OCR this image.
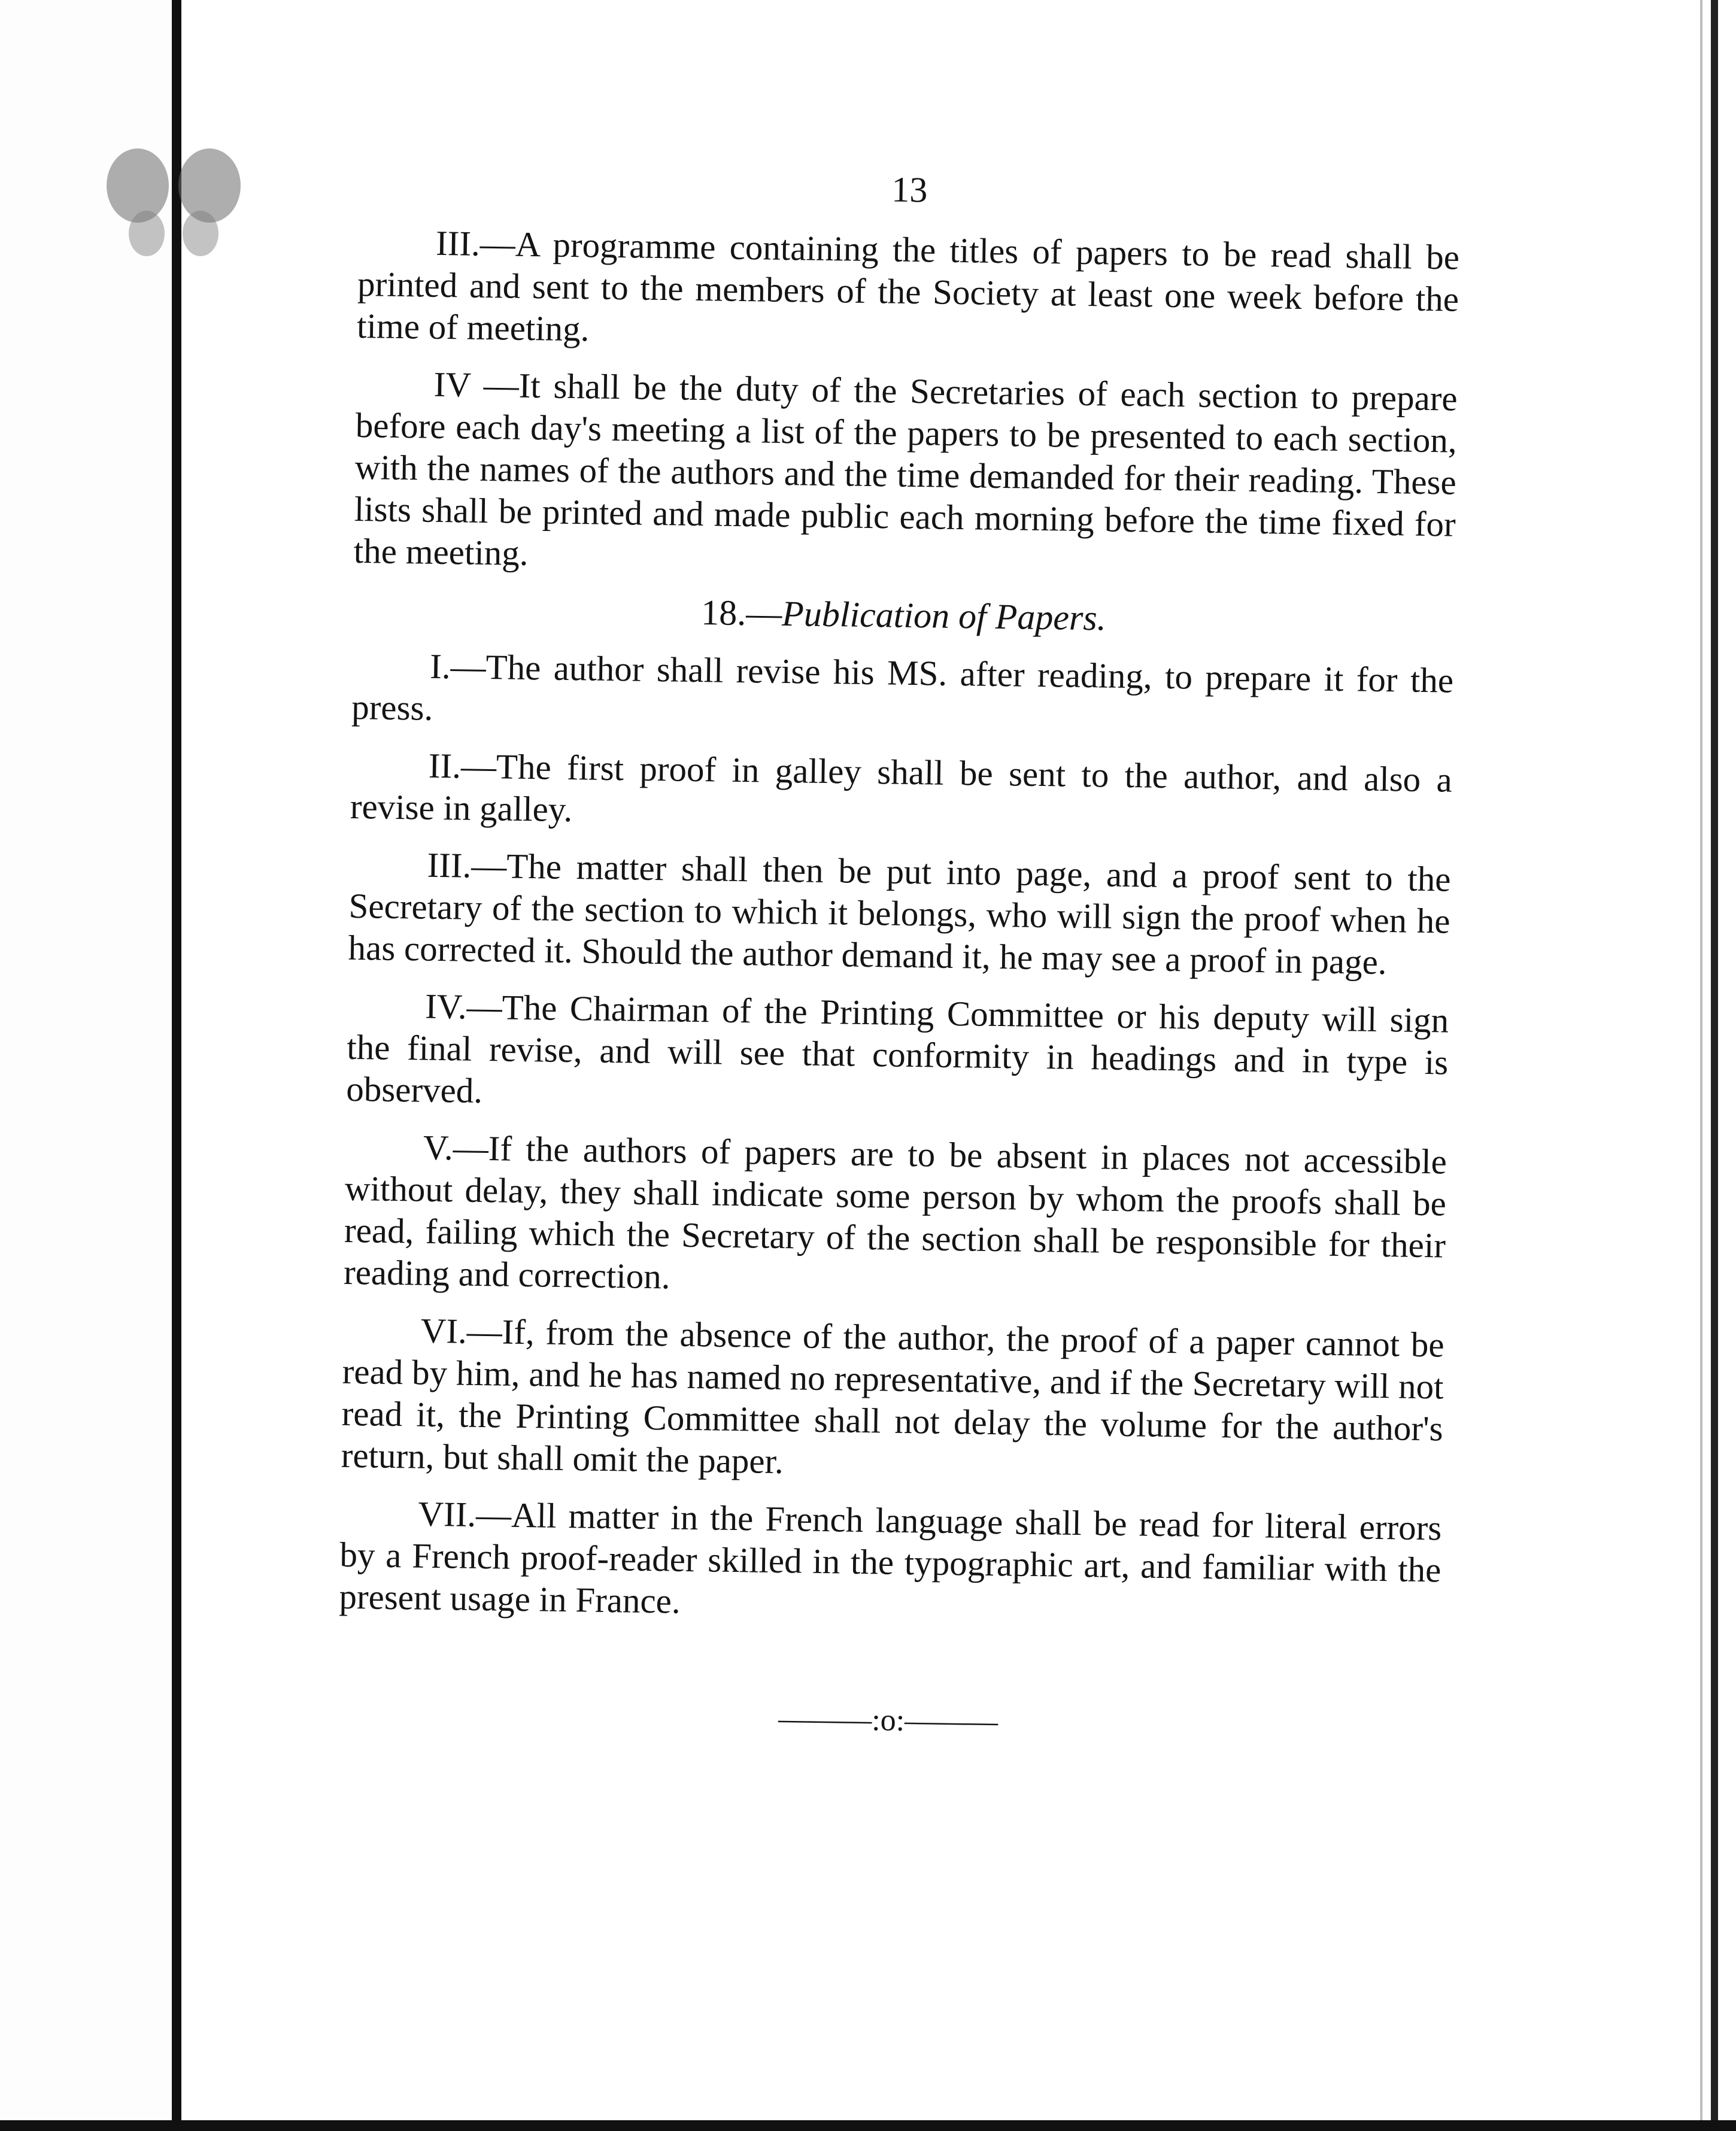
13

III.—A programme containing the titles of papers to be read shall be printed and sent to the members of the Society at least one week before the time of meeting.

IV —It shall be the duty of the Secretaries of each section to prepare before each day's meeting a list of the papers to be presented to each section, with the names of the authors and the time demanded for their reading. These lists shall be printed and made public each morning before the time fixed for the meeting.

18.—Publication of Papers.

I.—The author shall revise his MS. after reading, to prepare it for the press.

II.—The first proof in galley shall be sent to the author, and also a revise in galley.

III.—The matter shall then be put into page, and a proof sent to the Secretary of the section to which it belongs, who will sign the proof when he has corrected it. Should the author demand it, he may see a proof in page.

IV.—The Chairman of the Printing Committee or his deputy will sign the final revise, and will see that conformity in headings and in type is observed.

V.—If the authors of papers are to be absent in places not accessible without delay, they shall indicate some person by whom the proofs shall be read, failing which the Secretary of the section shall be responsible for their reading and correction.

VI.—If, from the absence of the author, the proof of a paper cannot be read by him, and he has named no representative, and if the Secretary will not read it, the Printing Committee shall not delay the volume for the author's return, but shall omit the paper.

VII.—All matter in the French language shall be read for literal errors by a French proof-reader skilled in the typographic art, and familiar with the present usage in France.

———:o:———
